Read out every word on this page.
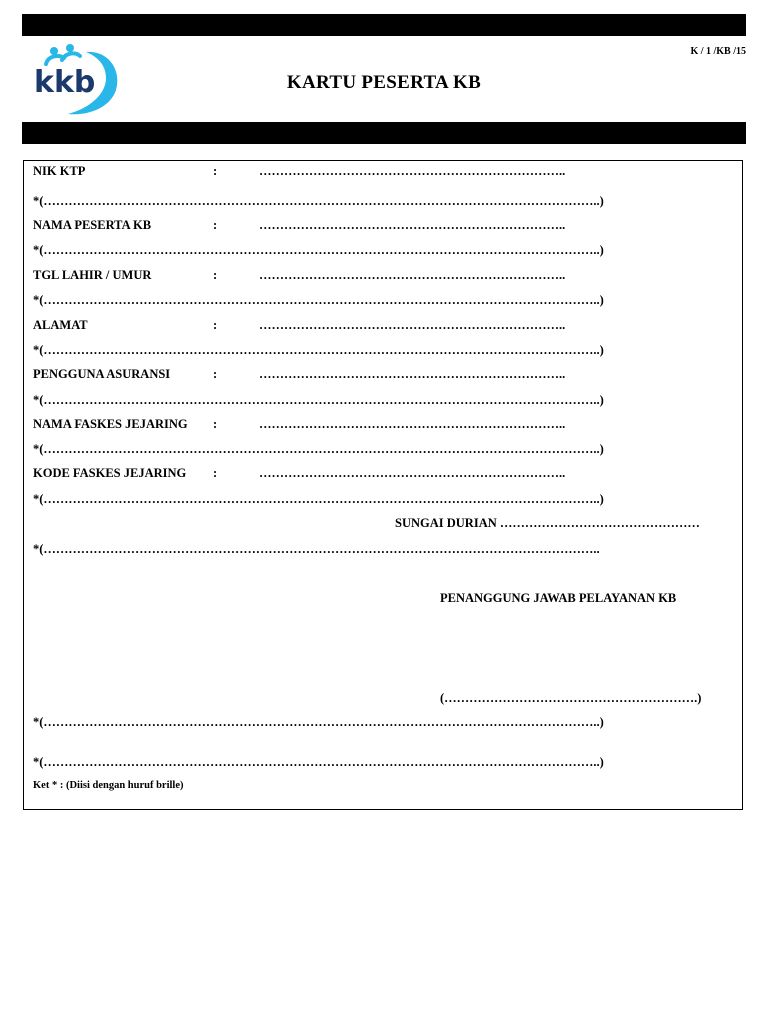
kkb
K / 1 /KB /15
KARTU PESERTA KB
NIK KTP	:	………………………………………………………………..
*(……………………………………………………………………………………………………………………..)
NAMA PESERTA KB	:	………………………………………………………………..
*(……………………………………………………………………………………………………………………..)
TGL LAHIR / UMUR	:	………………………………………………………………..
*(……………………………………………………………………………………………………………………..)
ALAMAT	:	………………………………………………………………..
*(……………………………………………………………………………………………………………………..)
PENGGUNA ASURANSI	:	………………………………………………………………..
*(……………………………………………………………………………………………………………………..)
NAMA FASKES JEJARING :	………………………………………………………………..
*(……………………………………………………………………………………………………………………..)
KODE FASKES JEJARING :	………………………………………………………………..
*(……………………………………………………………………………………………………………………..)
SUNGAI DURIAN …………………………………………
*(……………………………………………………………………………………………………………………..
PENANGGUNG JAWAB PELAYANAN KB
(…………………………………………………….)
*(……………………………………………………………………………………………………………………..)
*(……………………………………………………………………………………………………………………..)
Ket * : (Diisi dengan huruf brille)
